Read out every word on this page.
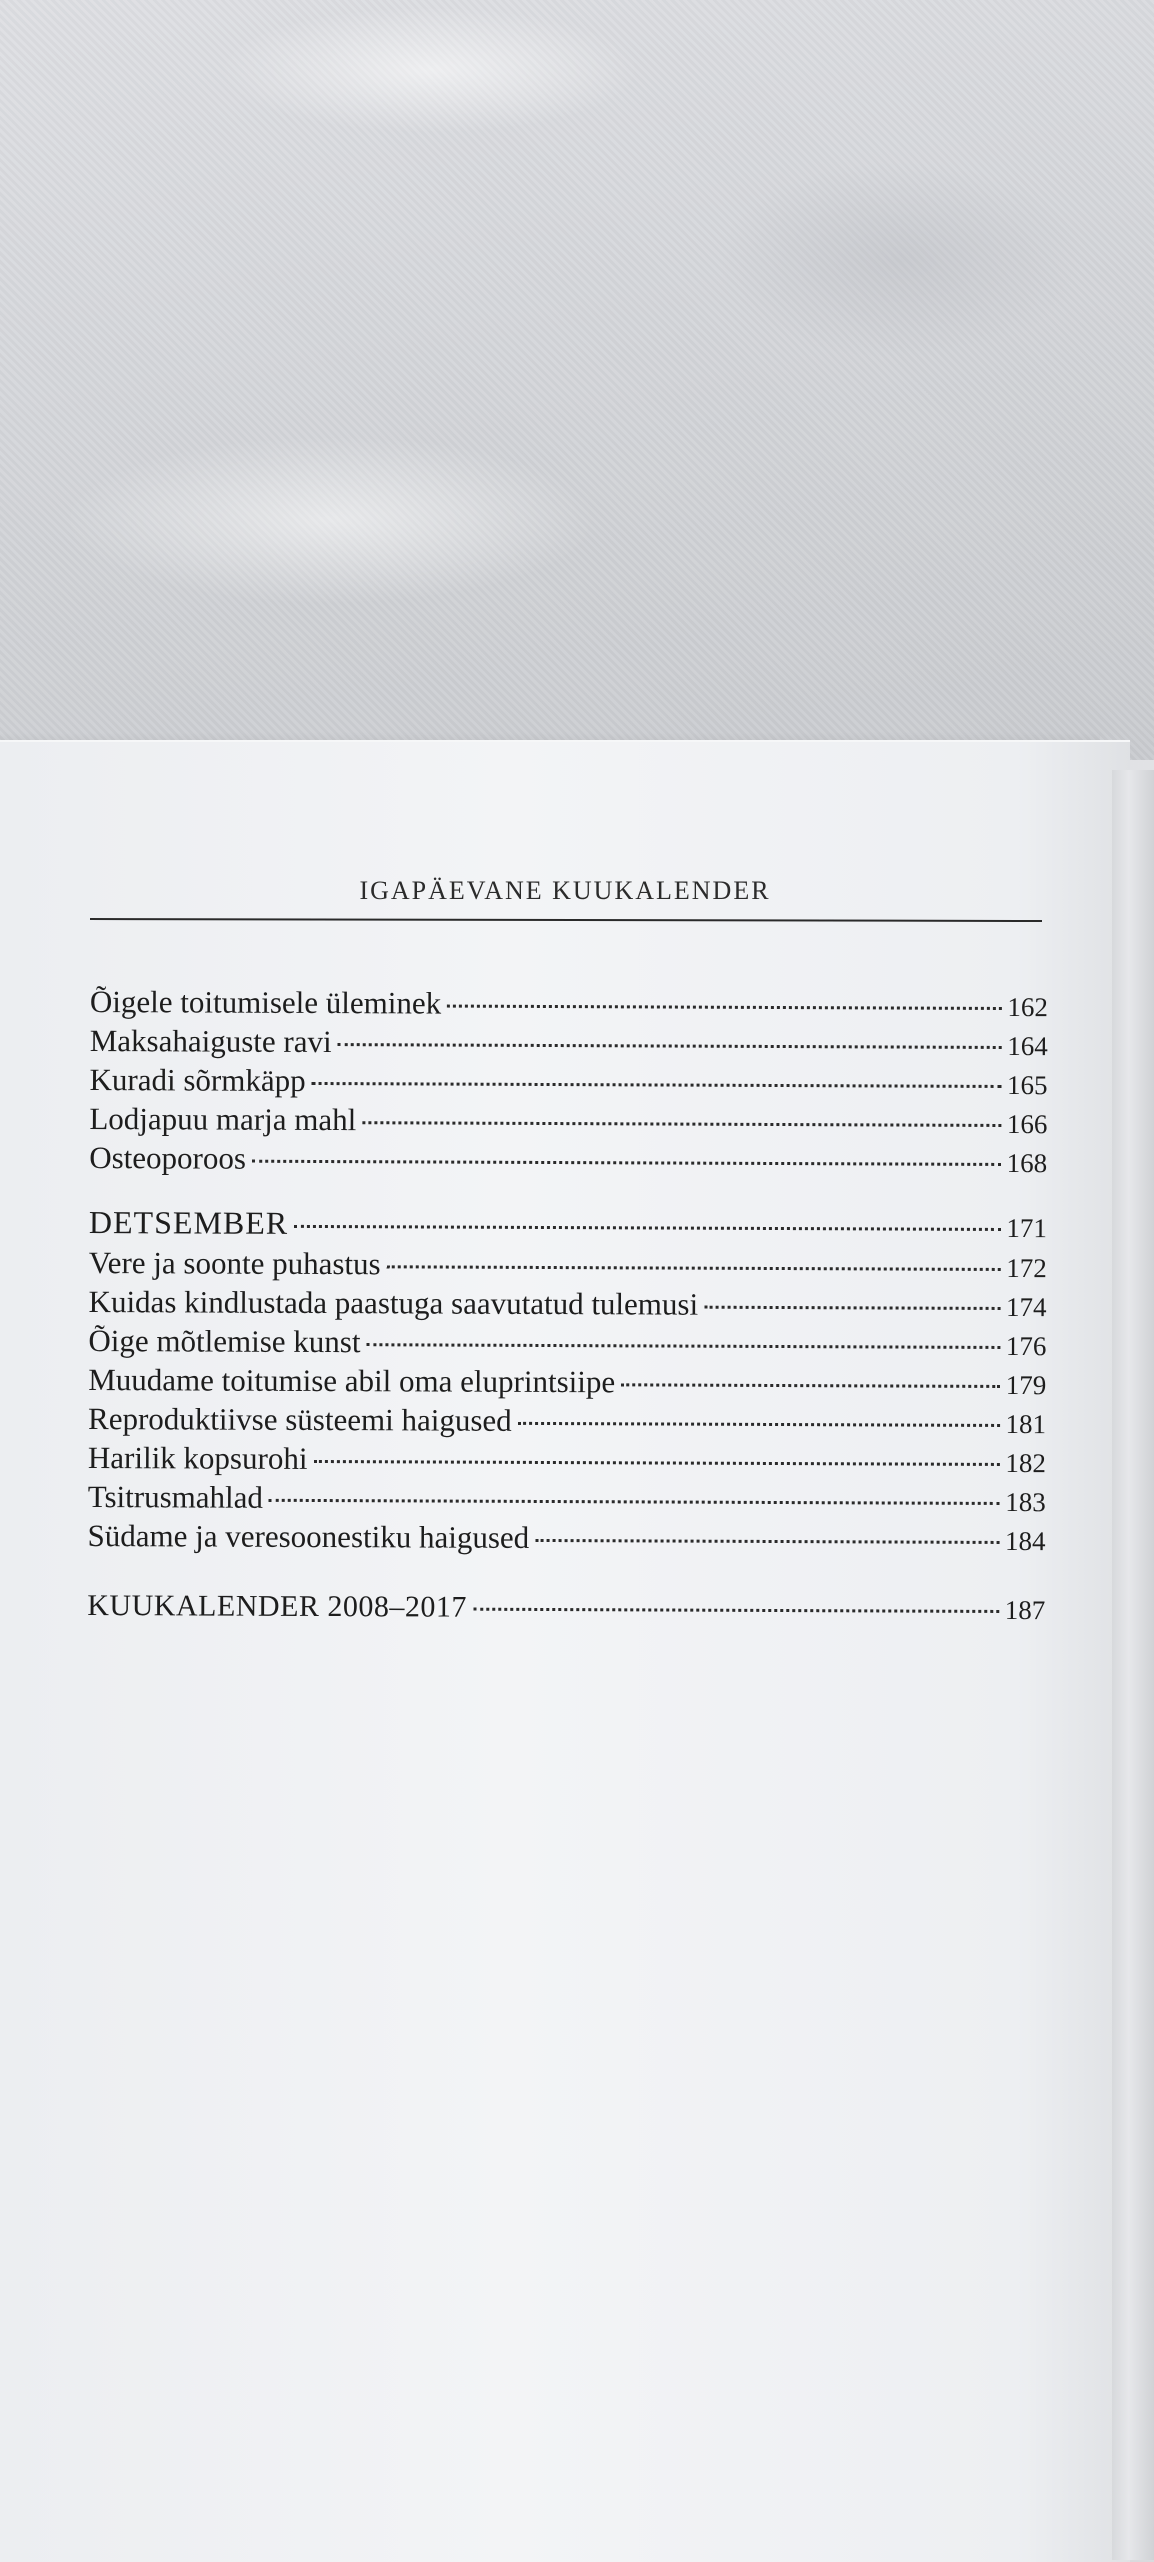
IGAPÄEVANE KUUKALENDER
Õigele toitumisele üleminek	162
Maksahaiguste ravi	164
Kuradi sõrmkäpp	165
Lodjapuu marja mahl	166
Osteoporoos	168
DETSEMBER	171
Vere ja soonte puhastus	172
Kuidas kindlustada paastuga saavutatud tulemusi	174
Õige mõtlemise kunst	176
Muudame toitumise abil oma eluprintsiipe	179
Reproduktiivse süsteemi haigused	181
Harilik kopsurohi	182
Tsitrusmahlad	183
Südame ja veresoonestiku haigused	184
KUUKALENDER 2008–2017	187
